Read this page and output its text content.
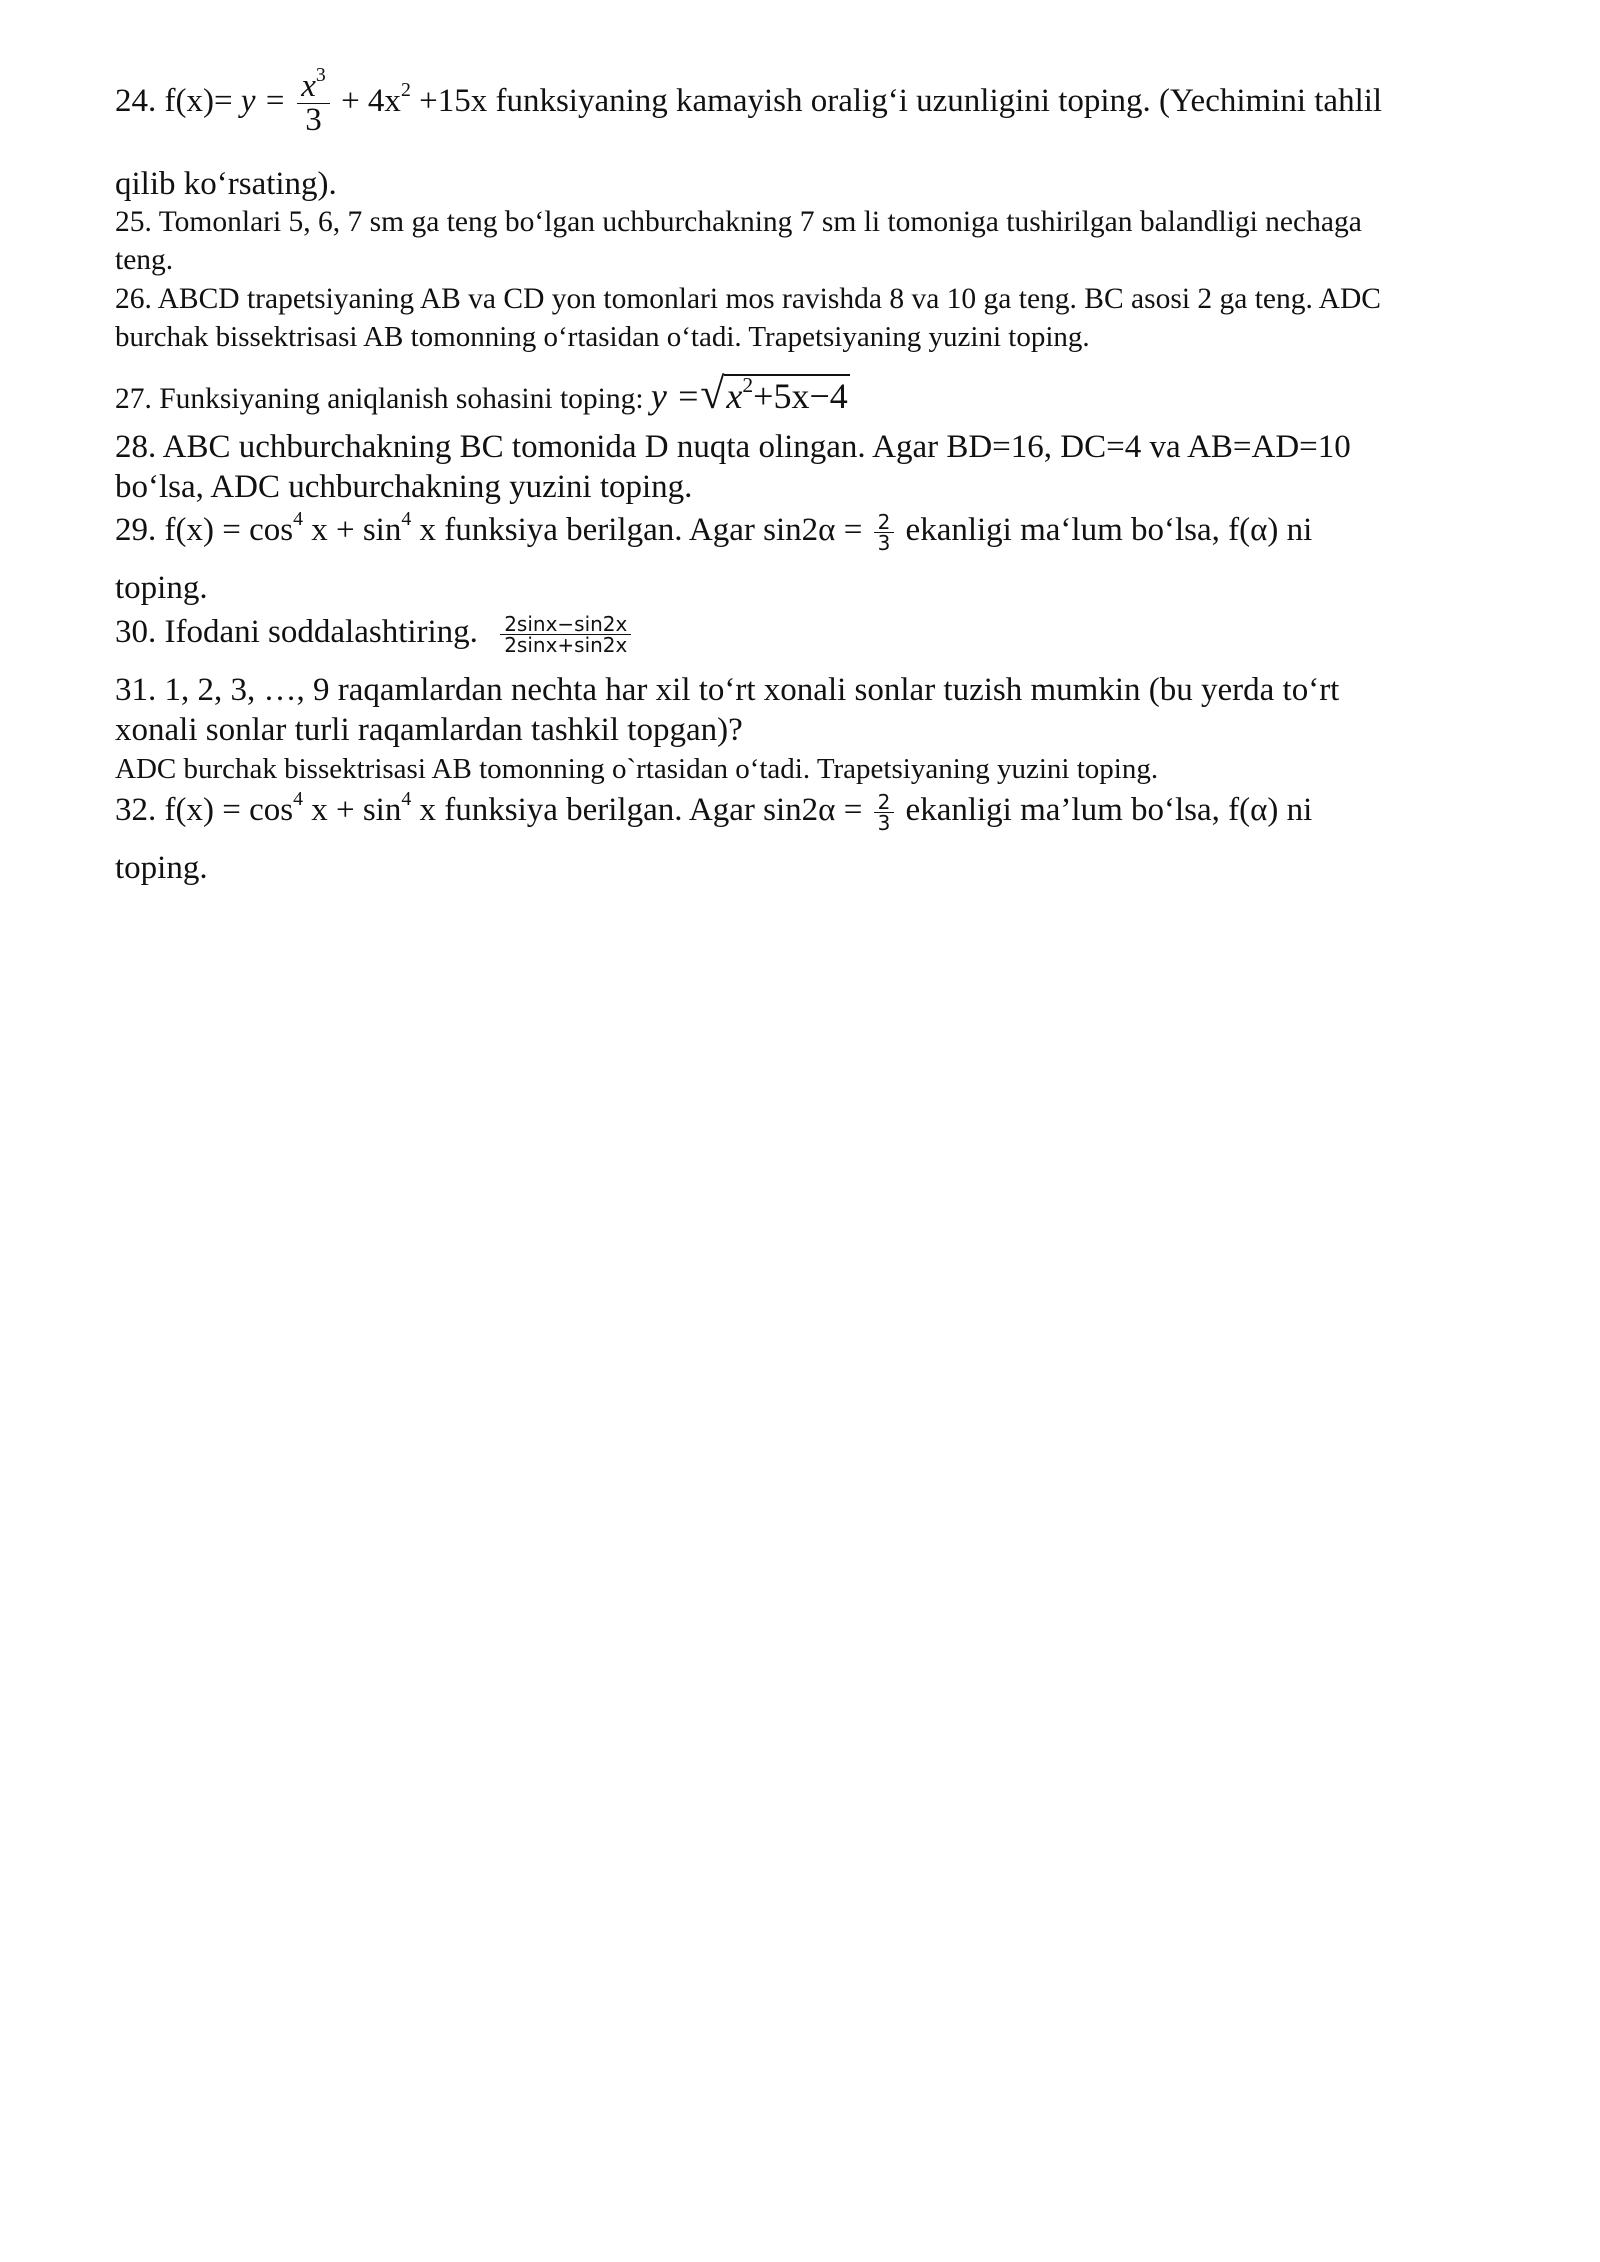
24. $f(x)= y = \frac{x^3}{3} + 4x^2 +15x$ funksiyaning kamayish oralig‘i uzunligini toping. (Yechimini tahlil
qilib ko‘rsating).
25. Tomonlari 5, 6, 7 sm ga teng bo‘lgan uchburchakning 7 sm li tomoniga tushirilgan balandligi nechaga
teng.
26. ABCD trapetsiyaning AB va CD yon tomonlari mos ravishda 8 va 10 ga teng. BC asosi 2 ga teng. ADC
burchak bissektrisasi AB tomonning o‘rtasidan o‘tadi. Trapetsiyaning yuzini toping.
27. Funksiyaning aniqlanish sohasini toping: $y =√x^2+5x-4$
28. ABC uchburchakning BC tomonida D nuqta olingan. Agar BD=16, DC=4 va AB=AD=10
bo‘lsa, ADC uchburchakning yuzini toping.
29. $f(x) = \cos^4 x + \sin^4 x$ funksiya berilgan. Agar $\sin 2\alpha = \frac{2}{3}$ ekanligi ma‘lum bo‘lsa, f(α) ni
toping.
30. Ifodani soddalashtiring. $\frac{2\sin x-\sin 2x}{2\sin x+\sin 2x}$
31. 1, 2, 3, …, 9 raqamlardan nechta har xil to‘rt xonali sonlar tuzish mumkin (bu yerda to‘rt
xonali sonlar turli raqamlardan tashkil topgan)?
ADC burchak bissektrisasi AB tomonning o`rtasidan o‘tadi. Trapetsiyaning yuzini toping.
32. $f(x) = \cos^4 x + \sin^4 x$ funksiya berilgan. Agar $\sin 2\alpha = \frac{2}{3}$ ekanligi ma’lum bo‘lsa, f(α) ni
toping.
